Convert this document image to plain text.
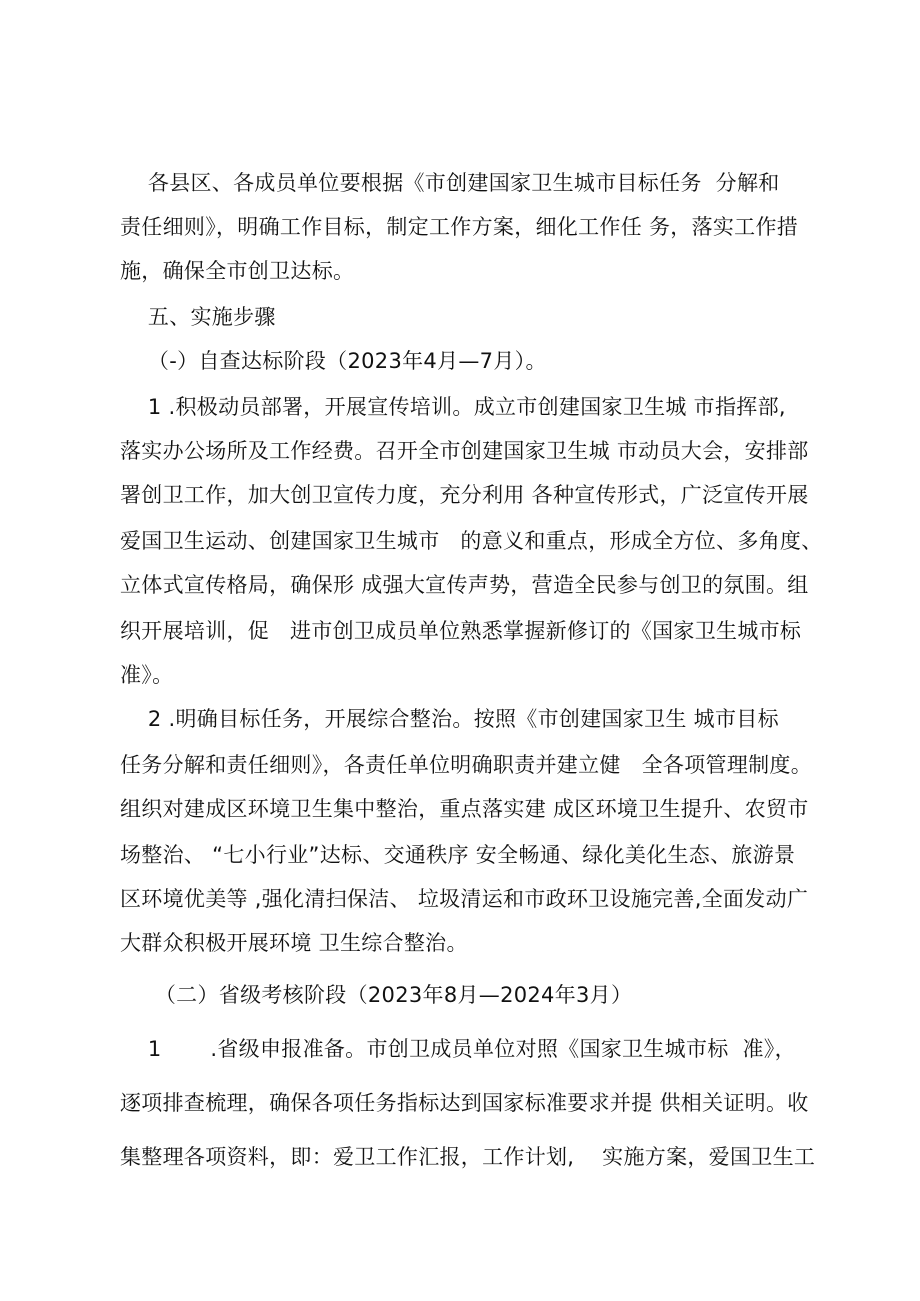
各县区、各成员单位要根据《市创建国家卫生城市目标任务  分解和
责任细则》，明确工作目标，制定工作方案，细化工作任 务，落实工作措
施，确保全市创卫达标。
五、实施步骤
（-）自查达标阶段（2023年4月—7月）。
1 .积极动员部署，开展宣传培训。成立市创建国家卫生城 市指挥部,
落实办公场所及工作经费。召开全市创建国家卫生城 市动员大会，安排部
署创卫工作，加大创卫宣传力度，充分利用 各种宣传形式，广泛宣传开展
爱国卫生运动、创建国家卫生城市   的意义和重点，形成全方位、多角度、
立体式宣传格局，确保形 成强大宣传声势，营造全民参与创卫的氛围。组
织开展培训，促   进市创卫成员单位熟悉掌握新修订的《国家卫生城市标
准》。
2 .明确目标任务，开展综合整治。按照《市创建国家卫生 城市目标
任务分解和责任细则》，各责任单位明确职责并建立健   全各项管理制度。
组织对建成区环境卫生集中整治，重点落实建 成区环境卫生提升、农贸市
场整治、 “七小行业”达标、交通秩序 安全畅通、绿化美化生态、旅游景
区环境优美等 ,强化清扫保洁、 垃圾清运和市政环卫设施完善,全面发动广
大群众积极开展环境 卫生综合整治。
（二）省级考核阶段（2023年8月—2024年3月）
1       .省级申报准备。市创卫成员单位对照《国家卫生城市标  准》，
逐项排查梳理，确保各项任务指标达到国家标准要求并提 供相关证明。收
集整理各项资料，即：爱卫工作汇报，工作计划,    实施方案，爱国卫生工
